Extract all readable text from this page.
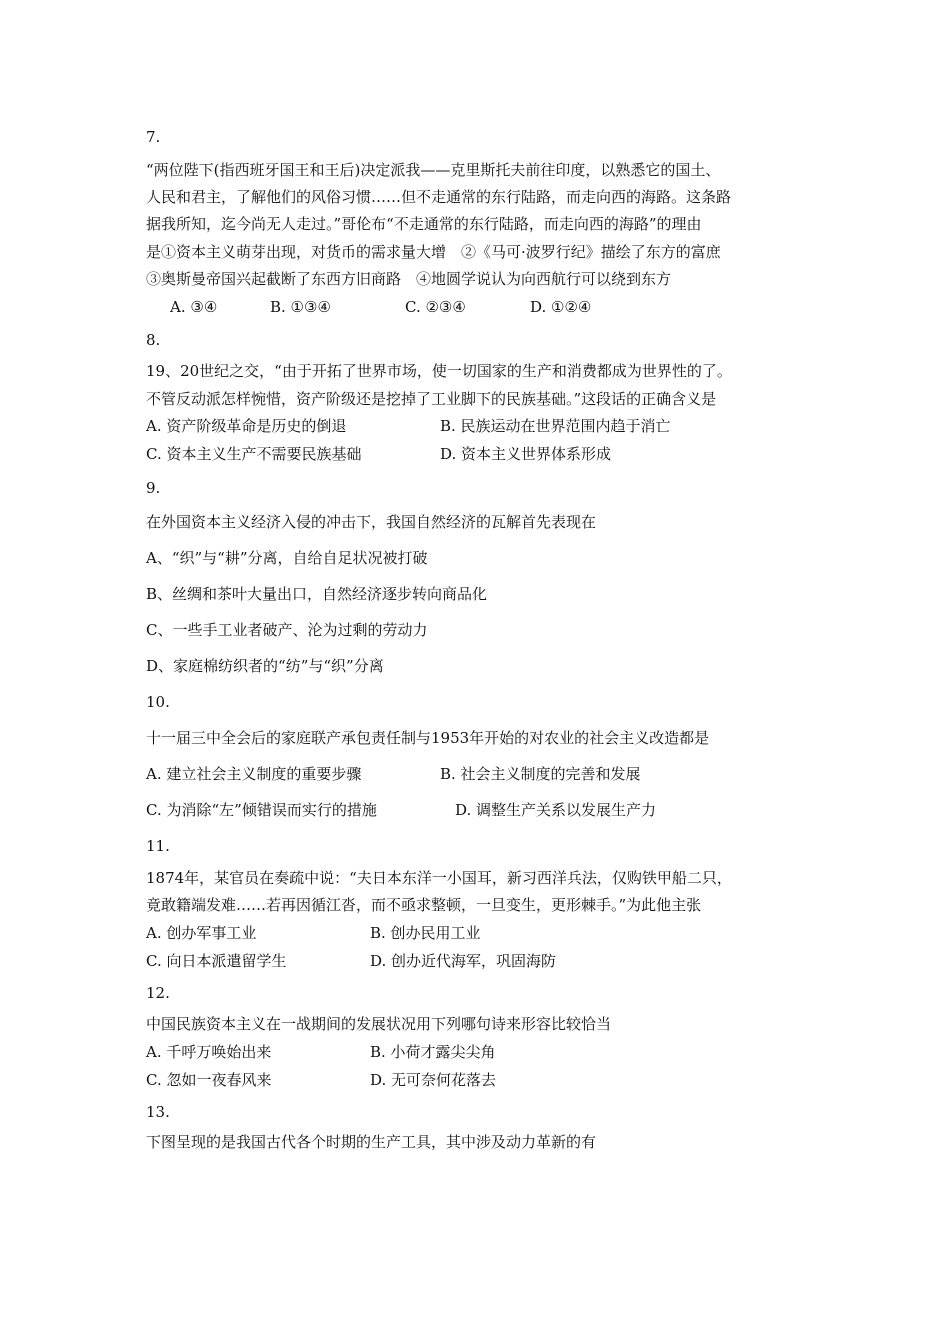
7.
“两位陛下(指西班牙国王和王后)决定派我——克里斯托夫前往印度，以熟悉它的国土、
人民和君主，了解他们的风俗习惯……但不走通常的东行陆路，而走向西的海路。这条路
据我所知，迄今尚无人走过。”哥伦布“不走通常的东行陆路，而走向西的海路”的理由
是①资本主义萌芽出现，对货币的需求量大增　②《马可·波罗行纪》描绘了东方的富庶
③奥斯曼帝国兴起截断了东西方旧商路　④地圆学说认为向西航行可以绕到东方
A. ③④	B. ①③④	C. ②③④	D. ①②④
8.
19、20世纪之交，“由于开拓了世界市场，使一切国家的生产和消费都成为世界性的了。
不管反动派怎样惋惜，资产阶级还是挖掉了工业脚下的民族基础。”这段话的正确含义是
A. 资产阶级革命是历史的倒退	B. 民族运动在世界范围内趋于消亡
C. 资本主义生产不需要民族基础	D. 资本主义世界体系形成
9.
在外国资本主义经济入侵的冲击下，我国自然经济的瓦解首先表现在
A、“织”与“耕”分离，自给自足状况被打破
B、丝绸和茶叶大量出口，自然经济逐步转向商品化
C、一些手工业者破产、沦为过剩的劳动力
D、家庭棉纺织者的“纺”与“织”分离
10.
十一届三中全会后的家庭联产承包责任制与1953年开始的对农业的社会主义改造都是
A. 建立社会主义制度的重要步骤	B. 社会主义制度的完善和发展
C. 为消除“左”倾错误而实行的措施	D. 调整生产关系以发展生产力
11.
1874年，某官员在奏疏中说：“夫日本东洋一小国耳，新习西洋兵法，仅购铁甲船二只，
竟敢籍端发难……若再因循江沓，而不亟求整顿，一旦变生，更形棘手。”为此他主张
A. 创办军事工业	B. 创办民用工业
C. 向日本派遣留学生	D. 创办近代海军，巩固海防
12.
中国民族资本主义在一战期间的发展状况用下列哪句诗来形容比较恰当
A. 千呼万唤始出来	B. 小荷才露尖尖角
C. 忽如一夜春风来	D. 无可奈何花落去
13.
下图呈现的是我国古代各个时期的生产工具，其中涉及动力革新的有
